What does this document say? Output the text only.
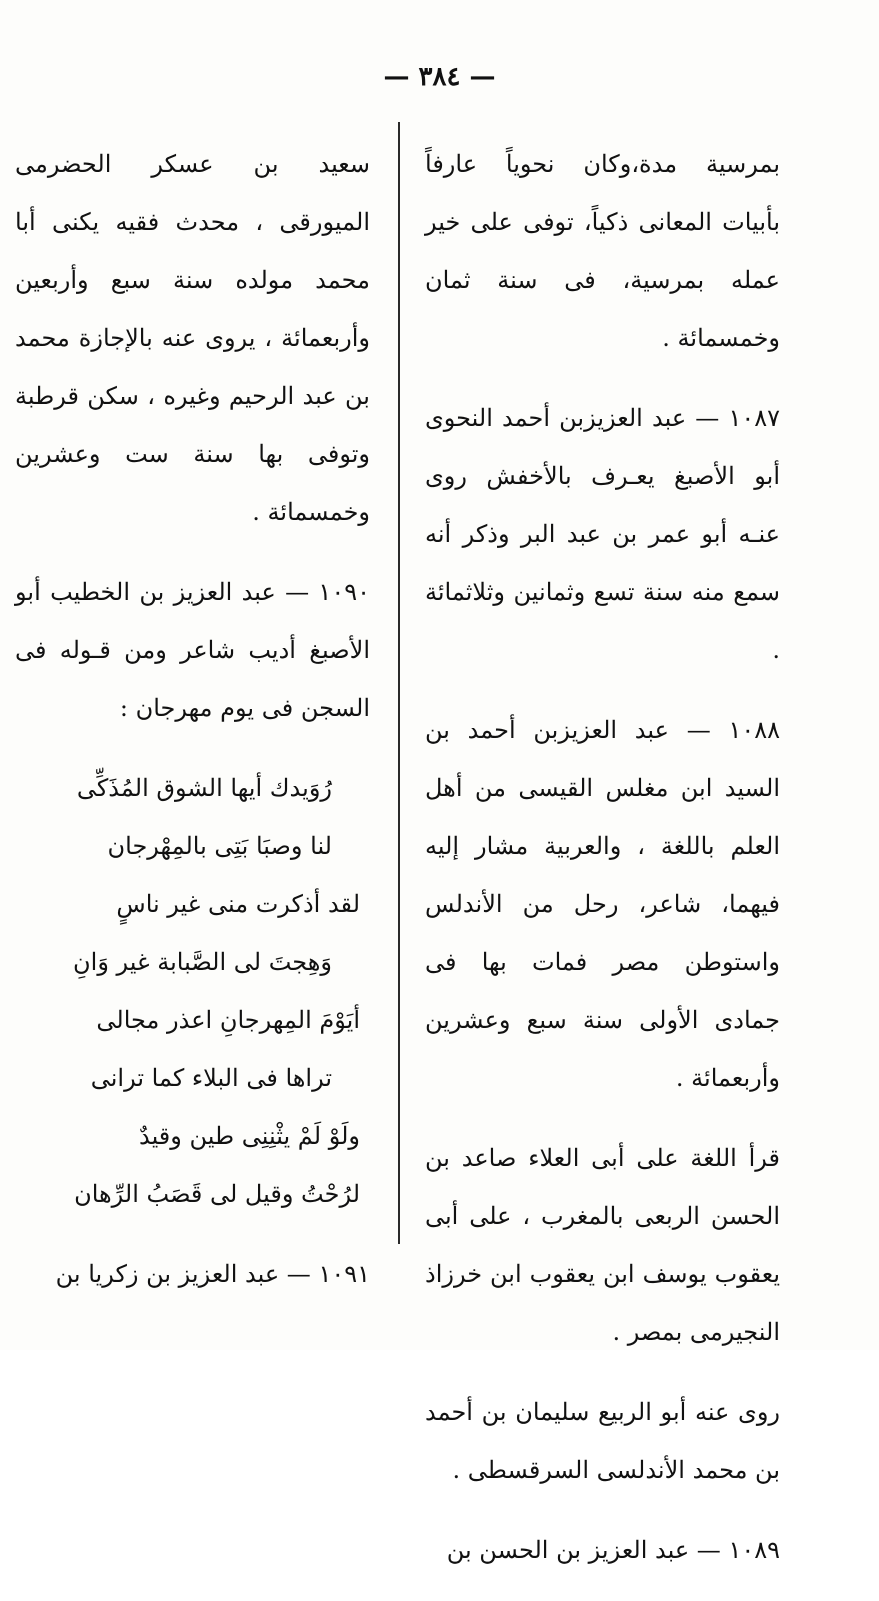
— ٣٨٤ —

بمرسية مدة،وكان نحوياً عارفاً بأبيات المعانى ذكياً، توفى على خير عمله بمرسية، فى سنة ثمان وخمسمائة .

١٠٨٧ — عبد العزيزبن أحمد النحوى أبو الأصبغ يعـرف بالأخفش روى عنـه أبو عمر بن عبد البر وذكر أنه سمع منه سنة تسع وثمانين وثلاثمائة .

١٠٨٨ — عبد العزيزبن أحمد بن السيد ابن مغلس القيسى من أهل العلم باللغة ، والعربية مشار إليه فيهما، شاعر، رحل من الأندلس واستوطن مصر فمات بها فى جمادى الأولى سنة سبع وعشرين وأربعمائة .

قرأ اللغة على أبى العلاء صاعد بن الحسن الربعى بالمغرب ، على أبى يعقوب يوسف ابن يعقوب ابن خرزاذ النجيرمى بمصر .

روى عنه أبو الربيع سليمان بن أحمد بن محمد الأندلسى السرقسطى .

١٠٨٩ — عبد العزيز بن الحسن بن

سعيد بن عسكر الحضرمى الميورقى ، محدث فقيه يكنى أبا محمد مولده سنة سبع وأربعين وأربعمائة ، يروى عنه بالإجازة محمد بن عبد الرحيم وغيره ، سكن قرطبة وتوفى بها سنة ست وعشرين وخمسمائة .

١٠٩٠ — عبد العزيز بن الخطيب أبو الأصبغ أديب شاعر ومن قـوله فى السجن فى يوم مهرجان :

رُوَيدك أيها الشوق المُذَكِّى

لنا وصبَا بَتِى بالمِهْرجان

لقد أذكرت منى غير ناسٍ

وَهِجتَ لى الصَّبابة غير وَانِ

أيَوْمَ المِهرجانِ اعذر مجالى

تراها فى البلاء كما ترانى

ولَوْ لَمْ يثْنِنِى طين وقيدٌ

لرُحْتُ وقيل لى قَصَبُ الرِّهان

١٠٩١ — عبد العزيز بن زكريا بن
